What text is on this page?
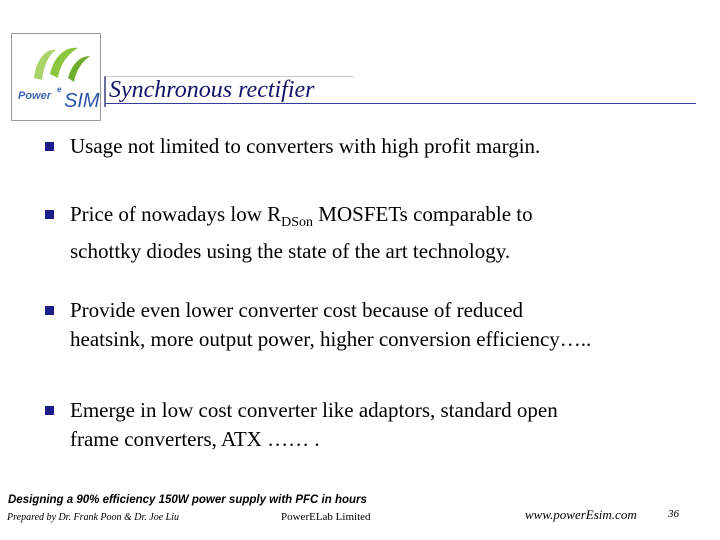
Power
e
SIM Synchronous rectifier
Usage not limited to converters with high profit margin.
Price of nowadays low $R_{DSon}$ MOSFETs comparable to
schottky diodes using the state of the art technology.
Provide even lower converter cost because of reduced
heatsink, more output power, higher conversion efficiency…..
Emerge in low cost converter like adaptors, standard open
frame converters, ATX …… .
Designing a 90% efficiency 150W power supply with PFC in hours
Prepared by Dr. Frank Poon & Dr. Joe Liu	PowerELab Limited	www.powerEsim.com	36
